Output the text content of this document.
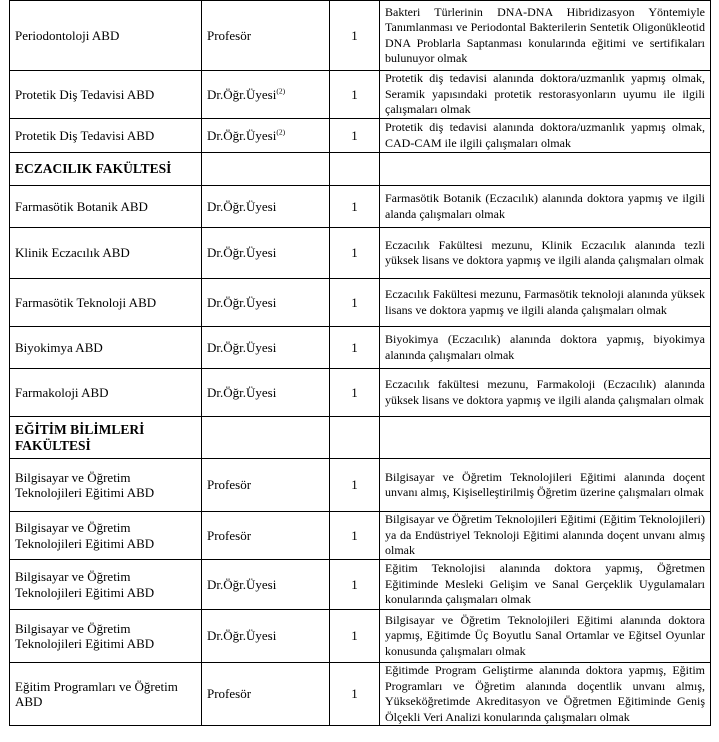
Periodontoloji ABD	Profesör	1	Bakteri Türlerinin DNA-DNA Hibridizasyon Yöntemiyle Tanımlanması ve Periodontal Bakterilerin Sentetik Oligonükleotid DNA Problarla Saptanması konularında eğitimi ve sertifikaları bulunuyor olmak

Protetik Diş Tedavisi ABD	Dr.Öğr.Üyesi$^{(2)}$	1	Protetik diş tedavisi alanında doktora/uzmanlık yapmış olmak, Seramik yapısındaki protetik restorasyonların uyumu ile ilgili çalışmaları olmak

Protetik Diş Tedavisi ABD	Dr.Öğr.Üyesi$^{(2)}$	1	Protetik diş tedavisi alanında doktora/uzmanlık yapmış olmak, CAD-CAM ile ilgili çalışmaları olmak

ECZACILIK FAKÜLTESİ			
Farmasötik Botanik ABD	Dr.Öğr.Üyesi	1	Farmasötik Botanik (Eczacılık) alanında doktora yapmış ve ilgili alanda çalışmaları olmak

Klinik Eczacılık ABD	Dr.Öğr.Üyesi	1	Eczacılık Fakültesi mezunu, Klinik Eczacılık alanında tezli yüksek lisans ve doktora yapmış ve ilgili alanda çalışmaları olmak

Farmasötik Teknoloji ABD	Dr.Öğr.Üyesi	1	Eczacılık Fakültesi mezunu, Farmasötik teknoloji alanında yüksek lisans ve doktora yapmış ve ilgili alanda çalışmaları olmak

Biyokimya ABD	Dr.Öğr.Üyesi	1	Biyokimya (Eczacılık) alanında doktora yapmış, biyokimya alanında çalışmaları olmak

Farmakoloji ABD	Dr.Öğr.Üyesi	1	Eczacılık fakültesi mezunu, Farmakoloji (Eczacılık) alanında yüksek lisans ve doktora yapmış ve ilgili alanda çalışmaları olmak

EĞİTİM BİLİMLERİ FAKÜLTESİ			
Bilgisayar ve Öğretim Teknolojileri Eğitimi ABD	Profesör	1	Bilgisayar ve Öğretim Teknolojileri Eğitimi alanında doçent unvanı almış, Kişiselleştirilmiş Öğretim üzerine çalışmaları olmak

Bilgisayar ve Öğretim Teknolojileri Eğitimi ABD	Profesör	1	Bilgisayar ve Öğretim Teknolojileri Eğitimi (Eğitim Teknolojileri) ya da Endüstriyel Teknoloji Eğitimi alanında doçent unvanı almış olmak

Bilgisayar ve Öğretim Teknolojileri Eğitimi ABD	Dr.Öğr.Üyesi	1	Eğitim Teknolojisi alanında doktora yapmış, Öğretmen Eğitiminde Mesleki Gelişim ve Sanal Gerçeklik Uygulamaları konularında çalışmaları olmak

Bilgisayar ve Öğretim Teknolojileri Eğitimi ABD	Dr.Öğr.Üyesi	1	Bilgisayar ve Öğretim Teknolojileri Eğitimi alanında doktora yapmış, Eğitimde Üç Boyutlu Sanal Ortamlar ve Eğitsel Oyunlar konusunda çalışmaları olmak

Eğitim Programları ve Öğretim ABD	Profesör	1	Eğitimde Program Geliştirme alanında doktora yapmış, Eğitim Programları ve Öğretim alanında doçentlik unvanı almış, Yükseköğretimde Akreditasyon ve Öğretmen Eğitiminde Geniş Ölçekli Veri Analizi konularında çalışmaları olmak
